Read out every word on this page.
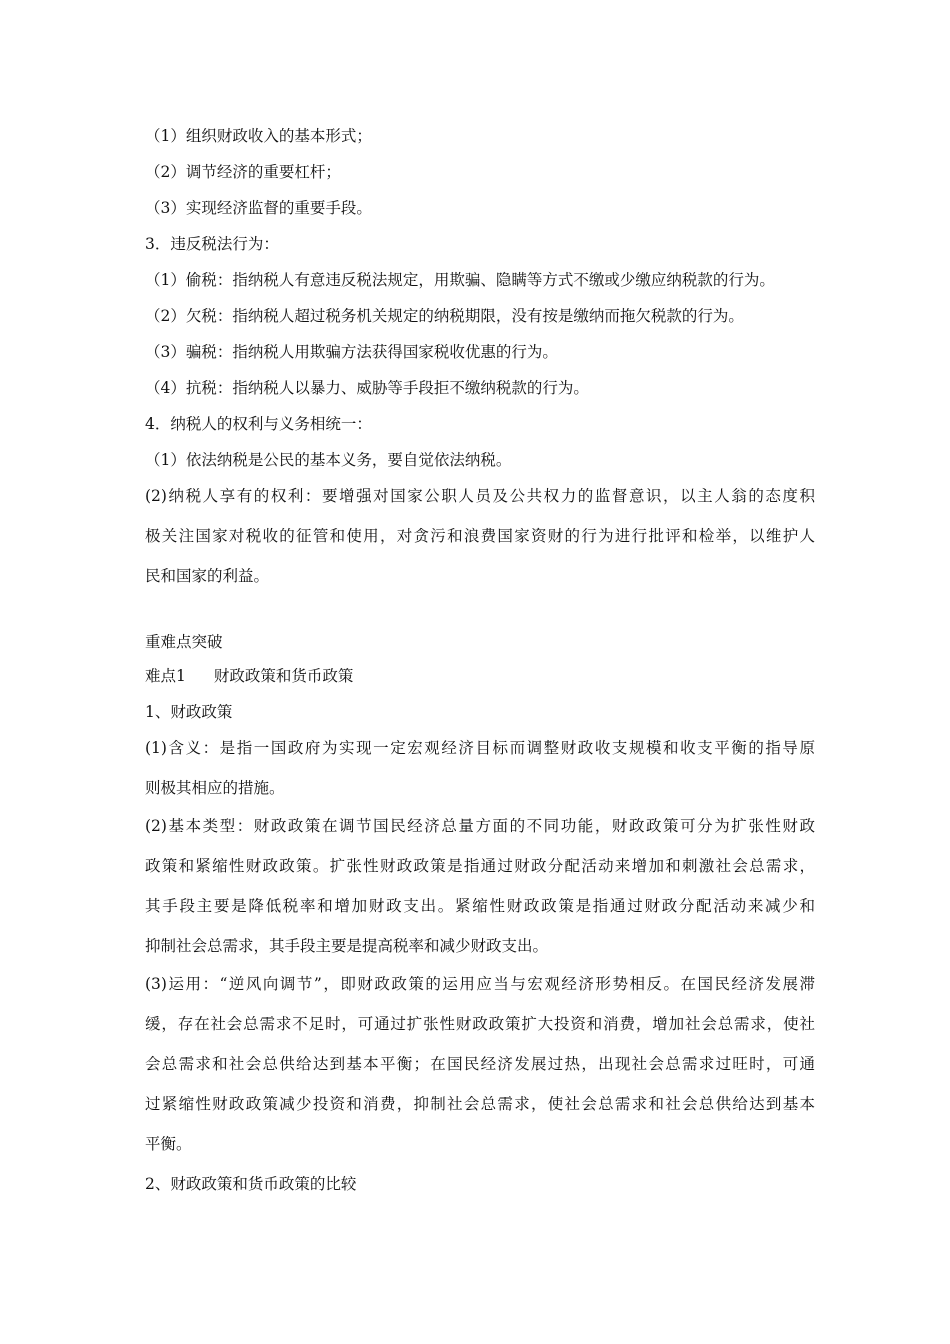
（1）组织财政收入的基本形式；
（2）调节经济的重要杠杆；
（3）实现经济监督的重要手段。
3．违反税法行为：
（1）偷税：指纳税人有意违反税法规定，用欺骗、隐瞒等方式不缴或少缴应纳税款的行为。
（2）欠税：指纳税人超过税务机关规定的纳税期限，没有按是缴纳而拖欠税款的行为。
（3）骗税：指纳税人用欺骗方法获得国家税收优惠的行为。
（4）抗税：指纳税人以暴力、威胁等手段拒不缴纳税款的行为。
4．纳税人的权利与义务相统一：
（1）依法纳税是公民的基本义务，要自觉依法纳税。
(2)纳税人享有的权利：要增强对国家公职人员及公共权力的监督意识，以主人翁的态度积
极关注国家对税收的征管和使用，对贪污和浪费国家资财的行为进行批评和检举，以维护人
民和国家的利益。
重难点突破
难点1 财政政策和货币政策
1、财政政策
(1)含义：是指一国政府为实现一定宏观经济目标而调整财政收支规模和收支平衡的指导原
则极其相应的措施。
(2)基本类型：财政政策在调节国民经济总量方面的不同功能，财政政策可分为扩张性财政
政策和紧缩性财政政策。扩张性财政政策是指通过财政分配活动来增加和刺激社会总需求，
其手段主要是降低税率和增加财政支出。紧缩性财政政策是指通过财政分配活动来减少和
抑制社会总需求，其手段主要是提高税率和减少财政支出。
(3)运用：“逆风向调节”，即财政政策的运用应当与宏观经济形势相反。在国民经济发展滞
缓，存在社会总需求不足时，可通过扩张性财政政策扩大投资和消费，增加社会总需求，使社
会总需求和社会总供给达到基本平衡；在国民经济发展过热，出现社会总需求过旺时，可通
过紧缩性财政政策减少投资和消费，抑制社会总需求，使社会总需求和社会总供给达到基本
平衡。
2、财政政策和货币政策的比较
